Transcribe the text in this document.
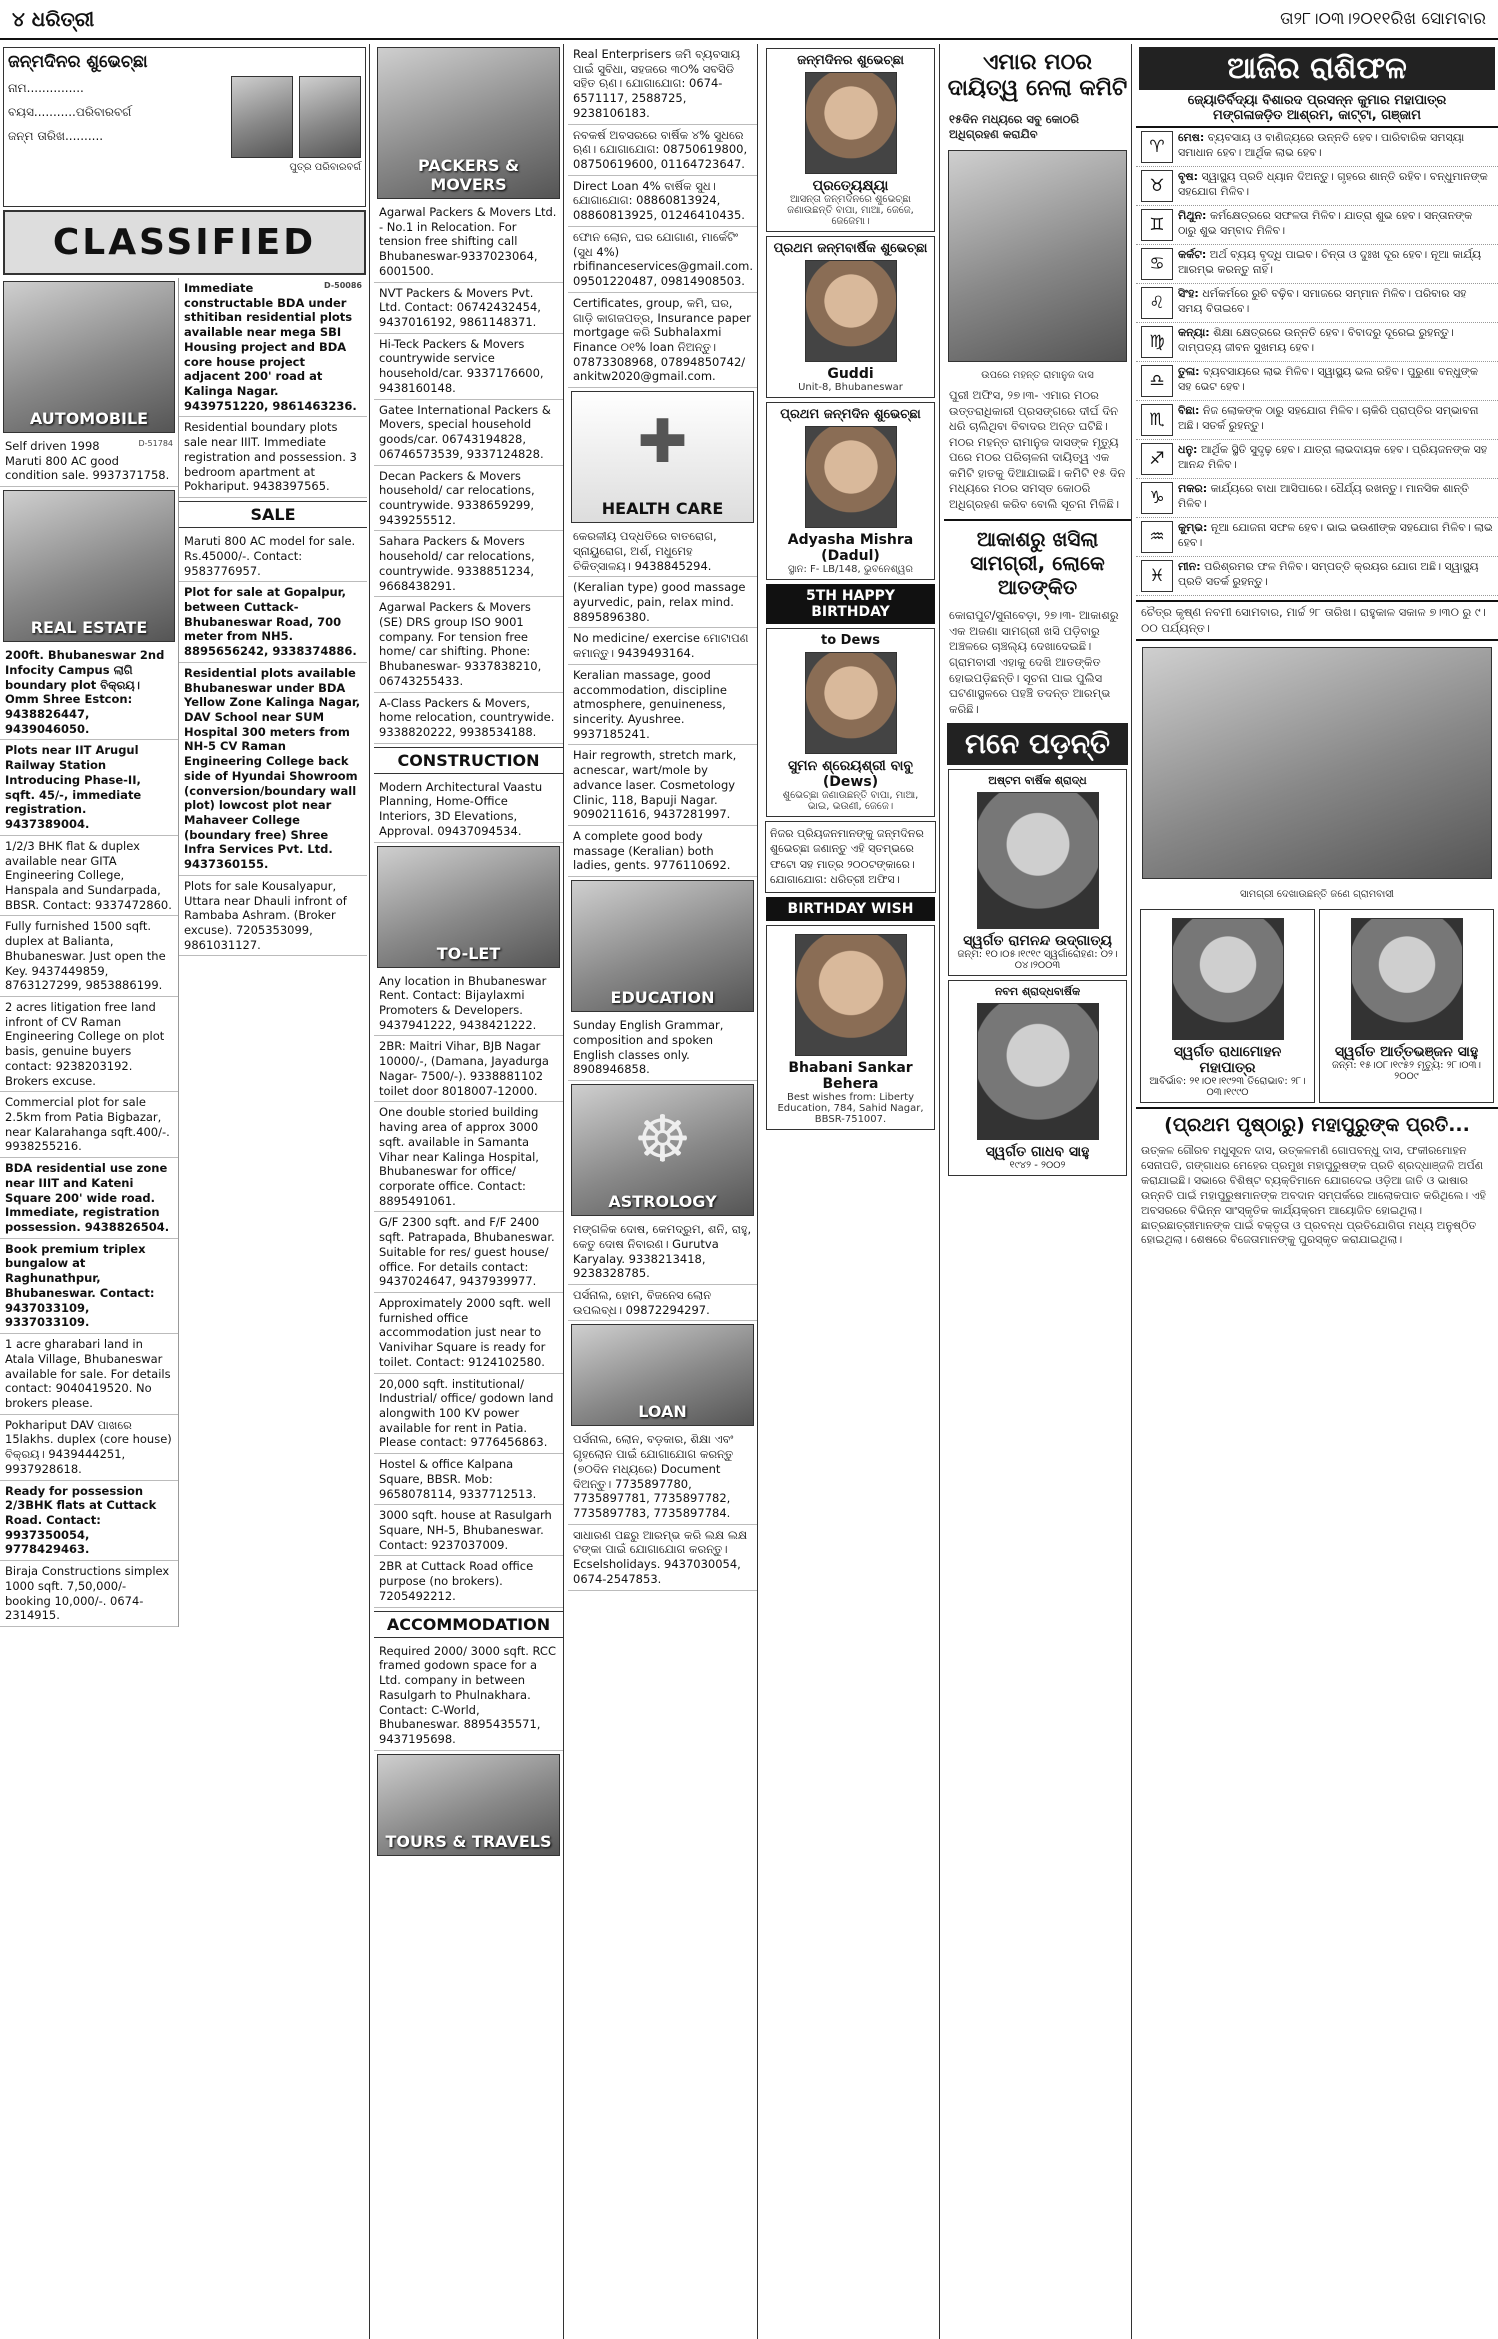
୪ ଧରିତ୍ରୀ	ତା୨୮।୦୩।୨୦୧୧ରିଖ ସୋମବାର
ଜନ୍ମଦିନର ଶୁଭେଚ୍ଛା
ନାମ...............
ବୟସ...........ପରିବାରବର୍ଗ
ଜନ୍ମ ତାରିଖ..........
ପୁତ୍ର ପରିବାରବର୍ଗ
CLASSIFIED
AUTOMOBILE
D-51784
Self driven 1998 Maruti 800 AC good condition sale. 9937371758.
REAL ESTATE
200ft. Bhubaneswar 2nd Infocity Campus ଲାଗି boundary plot ବିକ୍ରୟ। Omm Shree Estcon: 9438826447, 9439046050.
Plots near IIT Arugul Railway Station Introducing Phase-II, sqft. 45/-, immediate registration. 9437389004.
1/2/3 BHK flat & duplex available near GITA Engineering College, Hanspala and Sundarpada, BBSR. Contact: 9337472860.
Fully furnished 1500 sqft. duplex at Balianta, Bhubaneswar. Just open the Key. 9437449859, 8763127299, 9853886199.
2 acres litigation free land infront of CV Raman Engineering College on plot basis, genuine buyers contact: 9238203192. Brokers excuse.
Commercial plot for sale 2.5km from Patia Bigbazar, near Kalarahanga sqft.400/-. 9938255216.
BDA residential use zone near IIIT and Kateni Square 200' wide road. Immediate, registration possession. 9438826504.
Book premium triplex bungalow at Raghunathpur, Bhubaneswar. Contact: 9437033109, 9337033109.
1 acre gharabari land in Atala Village, Bhubaneswar available for sale. For details contact: 9040419520. No brokers please.
Pokhariput DAV ପାଖରେ 15lakhs. duplex (core house) ବିକ୍ରୟ। 9439444251, 9937928618.
Ready for possession 2/3BHK flats at Cuttack Road. Contact: 9937350054, 9778429463.
Biraja Constructions simplex 1000 sqft. 7,50,000/- booking 10,000/-. 0674-2314915.
D-50086
Immediate constructable BDA under sthitiban residential plots available near mega SBI Housing project and BDA core house project adjacent 200' road at Kalinga Nagar. 9439751220, 9861463236.
Residential boundary plots sale near IIIT. Immediate registration and possession. 3 bedroom apartment at Pokhariput. 9438397565.
SALE
Maruti 800 AC model for sale. Rs.45000/-. Contact: 9583776957.
Plot for sale at Gopalpur, between Cuttack-Bhubaneswar Road, 700 meter from NH5. 8895656242, 9338374886.
Residential plots available Bhubaneswar under BDA Yellow Zone Kalinga Nagar, DAV School near SUM Hospital 300 meters from NH-5 CV Raman Engineering College back side of Hyundai Showroom (conversion/boundary wall plot) lowcost plot near Mahaveer College (boundary free) Shree Infra Services Pvt. Ltd. 9437360155.
Plots for sale Kousalyapur, Uttara near Dhauli infront of Rambaba Ashram. (Broker excuse). 7205353099, 9861031127.
PACKERS & MOVERS
Agarwal Packers & Movers Ltd. - No.1 in Relocation. For tension free shifting call Bhubaneswar-9337023064, 6001500.
NVT Packers & Movers Pvt. Ltd. Contact: 06742432454, 9437016192, 9861148371.
Hi-Teck Packers & Movers countrywide service household/car. 9337176600, 9438160148.
Gatee International Packers & Movers, special household goods/car. 06743194828, 06746573539, 9337124828.
Decan Packers & Movers household/ car relocations, countrywide. 9338659299, 9439255512.
Sahara Packers & Movers household/ car relocations, countrywide. 9338851234, 9668438291.
Agarwal Packers & Movers (SE) DRS group ISO 9001 company. For tension free home/ car shifting. Phone: Bhubaneswar- 9337838210, 06743255433.
A-Class Packers & Movers, home relocation, countrywide. 9338820222, 9938534188.
CONSTRUCTION
Modern Architectural Vaastu Planning, Home-Office Interiors, 3D Elevations, Approval. 09437094534.
TO-LET
Any location in Bhubaneswar Rent. Contact: Bijaylaxmi Promoters & Developers. 9437941222, 9438421222.
2BR: Maitri Vihar, BJB Nagar 10000/-, (Damana, Jayadurga Nagar- 7500/-). 9338881102 toilet door 8018007-12000.
One double storied building having area of approx 3000 sqft. available in Samanta Vihar near Kalinga Hospital, Bhubaneswar for office/ corporate office. Contact: 8895491061.
G/F 2300 sqft. and F/F 2400 sqft. Patrapada, Bhubaneswar. Suitable for res/ guest house/ office. For details contact: 9437024647, 9437939977.
Approximately 2000 sqft. well furnished office accommodation just near to Vanivihar Square is ready for toilet. Contact: 9124102580.
20,000 sqft. institutional/ Industrial/ office/ godown land alongwith 100 KV power available for rent in Patia. Please contact: 9776456863.
Hostel & office Kalpana Square, BBSR. Mob: 9658078114, 9337712513.
3000 sqft. house at Rasulgarh Square, NH-5, Bhubaneswar. Contact: 9237037009.
2BR at Cuttack Road office purpose (no brokers). 7205492212.
ACCOMMODATION
Required 2000/ 3000 sqft. RCC framed godown space for a Ltd. company in between Rasulgarh to Phulnakhara. Contact: C-World, Bhubaneswar. 8895435571, 9437195698.
TOURS & TRAVELS
Real Enterprisers ଜମି ବ୍ୟବସାୟ ପାଇଁ ସୁବିଧା, ସହଜରେ ୩୦% ସବସିଡି ସହିତ ଋଣ। ଯୋଗାଯୋଗ: 0674-6571117, 2588725, 9238106183.
ନବକର୍ଷ ଅବସରରେ ବାର୍ଷିକ ୪% ସୁଧରେ ଋଣ। ଯୋଗାଯୋଗ: 08750619800, 08750619600, 01164723647.
Direct Loan 4% ବାର୍ଷିକ ସୁଧ। ଯୋଗାଯୋଗ: 08860813924, 08860813925, 01246410435.
ଫୋନ ଲୋନ, ଘର ଯୋଗାଣ, ମାର୍କେଟିଂ (ସୁଧ 4%) rbifinanceservices@gmail.com. 09501220487, 09814908503.
Certificates, group, କମି, ଘର, ଗାଡ଼ି କାଗଜପତ୍ର, Insurance paper mortgage କରି Subhalaxmi Finance ୦୧% loan ନିଅନ୍ତୁ। 07873308968, 07894850742/ ankitw2020@gmail.com.
✚
HEALTH CARE
କେରଳୀୟ ପଦ୍ଧତିରେ ବାତରୋଗ, ସ୍ନାୟୁରୋଗ, ଅର୍ଶ, ମଧୁମେହ ଚିକିତ୍ସାଳୟ। 9438845294.
(Keralian type) good massage ayurvedic, pain, relax mind. 8895896380.
No medicine/ exercise ମୋଟାପଣ କମାନ୍ତୁ। 9439493164.
Keralian massage, good accommodation, discipline atmosphere, genuineness, sincerity. Ayushree. 9937185241.
Hair regrowth, stretch mark, acnescar, wart/mole by advance laser. Cosmetology Clinic, 118, Bapuji Nagar. 9090211616, 9437281997.
A complete good body massage (Keralian) both ladies, gents. 9776110692.
EDUCATION
Sunday English Grammar, composition and spoken English classes only. 8908946858.
☸
ASTROLOGY
ମଙ୍ଗଳିକ ଦୋଷ, କେମଦ୍ରୁମ, ଶନି, ରାହୁ, କେତୁ ଦୋଷ ନିବାରଣ। Gurutva Karyalay. 9338213418, 9238328785.
ପର୍ସନାଲ, ହୋମ, ବିଜନେସ ଲୋନ ଉପଲବ୍ଧ। 09872294297.
LOAN
ପର୍ସନାଲ, ଲୋନ, ବଡ଼କାର, ଶିକ୍ଷା ଏବଂ ଗୃହଲୋନ ପାଇଁ ଯୋଗାଯୋଗ କରନ୍ତୁ (୭୦ଦିନ ମଧ୍ୟରେ) Document ଦିଅନ୍ତୁ। 7735897780, 7735897781, 7735897782, 7735897783, 7735897784.
ସାଧାରଣ ପଛରୁ ଆରମ୍ଭ କରି ଲକ୍ଷ ଲକ୍ଷ ଟଙ୍କା ପାଇଁ ଯୋଗାଯୋଗ କରନ୍ତୁ। Ecselsholidays. 9437030054, 0674-2547853.
ଜନ୍ମଦିନର ଶୁଭେଚ୍ଛା
ପ୍ରତ୍ୟେକ୍ଷ୍ୟା
ଆସନ୍ତା ଜନ୍ମଦିନରେ ଶୁଭେଚ୍ଛା ଜଣାଉଛନ୍ତି ବାପା, ମାଆ, ଜେଜେ, ଜେଜେମା।
ପ୍ରଥମ ଜନ୍ମବାର୍ଷିକ ଶୁଭେଚ୍ଛା
Guddi
Unit-8, Bhubaneswar
ପ୍ରଥମ ଜନ୍ମଦିନ ଶୁଭେଚ୍ଛା
Adyasha Mishra (Dadul)
ସ୍ଥାନ: F- LB/148, ଭୁବନେଶ୍ୱର
5TH HAPPY BIRTHDAY
to Dews
ସୁମନ ଶ୍ରେୟଶ୍ରୀ ବାବୁ (Dews)
ଶୁଭେଚ୍ଛା ଜଣାଉଛନ୍ତି ବାପା, ମାଆ, ଭାଇ, ଭଉଣୀ, ଜେଜେ।
ନିଜର ପ୍ରିୟଜନମାନଙ୍କୁ ଜନ୍ମଦିନର ଶୁଭେଚ୍ଛା ଜଣାନ୍ତୁ ଏହି ସ୍ତମ୍ଭରେ ଫଟୋ ସହ ମାତ୍ର ୨୦୦ଟଙ୍କାରେ। ଯୋଗାଯୋଗ: ଧରିତ୍ରୀ ଅଫିସ।
BIRTHDAY WISH
Bhabani Sankar Behera
Best wishes from: Liberty Education, 784, Sahid Nagar, BBSR-751007.
ଏମାର ମଠର ଦାୟିତ୍ୱ ନେଲା କମିଟି
୧୫ଦିନ ମଧ୍ୟରେ ସବୁ କୋଠରି ଅଧିଗ୍ରହଣ କରାଯିବ
ଉପରେ ମହନ୍ତ ରାମାନୁଜ ଦାସ
ପୁରୀ ଅଫିସ, ୨୭।୩- ଏମାର ମଠର ଉତ୍ତରାଧିକାରୀ ପ୍ରସଙ୍ଗରେ ଦୀର୍ଘ ଦିନ ଧରି ଚାଲିଥିବା ବିବାଦର ଅନ୍ତ ଘଟିଛି। ମଠର ମହନ୍ତ ରାମାନୁଜ ଦାସଙ୍କ ମୃତ୍ୟୁ ପରେ ମଠର ପରିଚାଳନା ଦାୟିତ୍ୱ ଏକ କମିଟି ହାତକୁ ଦିଆଯାଇଛି। କମିଟି ୧୫ ଦିନ ମଧ୍ୟରେ ମଠର ସମସ୍ତ କୋଠରି ଅଧିଗ୍ରହଣ କରିବ ବୋଲି ସୂଚନା ମିଳିଛି।
ଆକାଶରୁ ଖସିଲା ସାମଗ୍ରୀ, ଲୋକେ ଆତଙ୍କିତ
କୋରାପୁଟ/ସୁନାବେଡ଼ା, ୨୭।୩- ଆକାଶରୁ ଏକ ଅଜଣା ସାମଗ୍ରୀ ଖସି ପଡ଼ିବାରୁ ଅଞ୍ଚଳରେ ଚାଞ୍ଚଲ୍ୟ ଦେଖାଦେଇଛି। ଗ୍ରାମବାସୀ ଏହାକୁ ଦେଖି ଆତଙ୍କିତ ହୋଇପଡ଼ିଛନ୍ତି। ସୂଚନା ପାଇ ପୁଲିସ ଘଟଣାସ୍ଥଳରେ ପହଞ୍ଚି ତଦନ୍ତ ଆରମ୍ଭ କରିଛି।
ମନେ ପଡ଼ନ୍ତି
ଅଷ୍ଟମ ବାର୍ଷିକ ଶ୍ରାଦ୍ଧ
ସ୍ୱର୍ଗତ ରାମନନ୍ଦ ଉଦ୍ଗାତ୍ୟ
ଜନ୍ମ: ୧୦।୦୫।୧୯୧୯ ସ୍ୱର୍ଗାରୋହଣ: ୦୨।୦୪।୨୦୦୩
ନବମ ଶ୍ରାଦ୍ଧବାର୍ଷିକ
ସ୍ୱର୍ଗତ ଗାଧବ ସାହୁ
୧୯୪୨ - ୨୦୦୨
ଆଜିର ରାଶିଫଳ
ଜ୍ୟୋତିର୍ବିଦ୍ୟା ବିଶାରଦ ପ୍ରସନ୍ନ କୁମାର ମହାପାତ୍ର
ମଙ୍ଗଳାଜଡ଼ିତ ଆଶ୍ରମ, କାଟ୍ଟା, ଗଞ୍ଜାମ
♈	ମେଷ: ବ୍ୟବସାୟ ଓ ବାଣିଜ୍ୟରେ ଉନ୍ନତି ହେବ। ପାରିବାରିକ ସମସ୍ୟା ସମାଧାନ ହେବ। ଆର୍ଥିକ ଲାଭ ହେବ।
♉	ବୃଷ: ସ୍ୱାସ୍ଥ୍ୟ ପ୍ରତି ଧ୍ୟାନ ଦିଅନ୍ତୁ। ଗୃହରେ ଶାନ୍ତି ରହିବ। ବନ୍ଧୁମାନଙ୍କ ସହଯୋଗ ମିଳିବ।
♊	ମିଥୁନ: କର୍ମକ୍ଷେତ୍ରରେ ସଫଳତା ମିଳିବ। ଯାତ୍ରା ଶୁଭ ହେବ। ସନ୍ତାନଙ୍କ ଠାରୁ ଶୁଭ ସମ୍ବାଦ ମିଳିବ।
♋	କର୍କଟ: ଅର୍ଥ ବ୍ୟୟ ବୃଦ୍ଧି ପାଇବ। ଚିନ୍ତା ଓ ଦୁଃଖ ଦୂର ହେବ। ନୂଆ କାର୍ଯ୍ୟ ଆରମ୍ଭ କରନ୍ତୁ ନାହିଁ।
♌	ସିଂହ: ଧର୍ମକର୍ମରେ ରୁଚି ବଢ଼ିବ। ସମାଜରେ ସମ୍ମାନ ମିଳିବ। ପରିବାର ସହ ସମୟ ବିତାଇବେ।
♍	କନ୍ୟା: ଶିକ୍ଷା କ୍ଷେତ୍ରରେ ଉନ୍ନତି ହେବ। ବିବାଦରୁ ଦୂରେଇ ରୁହନ୍ତୁ। ଦାମ୍ପତ୍ୟ ଜୀବନ ସୁଖମୟ ହେବ।
♎	ତୁଳା: ବ୍ୟବସାୟରେ ଲାଭ ମିଳିବ। ସ୍ୱାସ୍ଥ୍ୟ ଭଲ ରହିବ। ପୁରୁଣା ବନ୍ଧୁଙ୍କ ସହ ଭେଟ ହେବ।
♏	ବିଛା: ନିଜ ଲୋକଙ୍କ ଠାରୁ ସହଯୋଗ ମିଳିବ। ଚାକିରି ପ୍ରାପ୍ତିର ସମ୍ଭାବନା ଅଛି। ସତର୍କ ରୁହନ୍ତୁ।
♐	ଧନୁ: ଆର୍ଥିକ ସ୍ଥିତି ସୁଦୃଢ଼ ହେବ। ଯାତ୍ରା ଲାଭଦାୟକ ହେବ। ପ୍ରିୟଜନଙ୍କ ସହ ଆନନ୍ଦ ମିଳିବ।
♑	ମକର: କାର୍ଯ୍ୟରେ ବାଧା ଆସିପାରେ। ଧୈର୍ଯ୍ୟ ରଖନ୍ତୁ। ମାନସିକ ଶାନ୍ତି ମିଳିବ।
♒	କୁମ୍ଭ: ନୂଆ ଯୋଜନା ସଫଳ ହେବ। ଭାଇ ଭଉଣୀଙ୍କ ସହଯୋଗ ମିଳିବ। ଲାଭ ହେବ।
♓	ମୀନ: ପରିଶ୍ରମର ଫଳ ମିଳିବ। ସମ୍ପତ୍ତି କ୍ରୟର ଯୋଗ ଅଛି। ସ୍ୱାସ୍ଥ୍ୟ ପ୍ରତି ସତର୍କ ରୁହନ୍ତୁ।
ଚୈତ୍ର କୃଷ୍ଣ ନବମୀ ସୋମବାର, ମାର୍ଚ୍ଚ ୨୮ ତାରିଖ। ରାହୁକାଳ ସକାଳ ୭।୩୦ ରୁ ୯।୦୦ ପର୍ଯ୍ୟନ୍ତ।
ସାମଗ୍ରୀ ଦେଖାଉଛନ୍ତି ଜଣେ ଗ୍ରାମବାସୀ
ସ୍ୱର୍ଗତ ରାଧାମୋହନ ମହାପାତ୍ର
ଆବିର୍ଭାବ: ୨୧।୦୧।୧୯୨୩ ତିରୋଭାବ: ୨୮।୦୩।୧୯୯୦
ସ୍ୱର୍ଗତ ଆର୍ତ୍ତଭଞ୍ଜନ ସାହୁ
ଜନ୍ମ: ୧୫।୦୮।୧୯୫୨ ମୃତ୍ୟୁ: ୨୮।୦୩।୨୦୦୯
(ପ୍ରଥମ ପୃଷ୍ଠାରୁ) ମହାପୁରୁଙ୍କ ପ୍ରତି...
ଉତ୍କଳ ଗୌରବ ମଧୁସୂଦନ ଦାସ, ଉତ୍କଳମଣି ଗୋପବନ୍ଧୁ ଦାସ, ଫକୀରମୋହନ ସେନାପତି, ଗଙ୍ଗାଧର ମେହେର ପ୍ରମୁଖ ମହାପୁରୁଷଙ୍କ ପ୍ରତି ଶ୍ରଦ୍ଧାଞ୍ଜଳି ଅର୍ପଣ କରାଯାଇଛି। ସଭାରେ ବିଶିଷ୍ଟ ବ୍ୟକ୍ତିମାନେ ଯୋଗଦେଇ ଓଡ଼ିଆ ଜାତି ଓ ଭାଷାର ଉନ୍ନତି ପାଇଁ ମହାପୁରୁଷମାନଙ୍କ ଅବଦାନ ସମ୍ପର୍କରେ ଆଲୋକପାତ କରିଥିଲେ। ଏହି ଅବସରରେ ବିଭିନ୍ନ ସାଂସ୍କୃତିକ କାର୍ଯ୍ୟକ୍ରମ ଆୟୋଜିତ ହୋଇଥିଲା। ଛାତ୍ରଛାତ୍ରୀମାନଙ୍କ ପାଇଁ ବକ୍ତୃତା ଓ ପ୍ରବନ୍ଧ ପ୍ରତିଯୋଗିତା ମଧ୍ୟ ଅନୁଷ୍ଠିତ ହୋଇଥିଲା। ଶେଷରେ ବିଜେତାମାନଙ୍କୁ ପୁରସ୍କୃତ କରାଯାଇଥିଲା।
